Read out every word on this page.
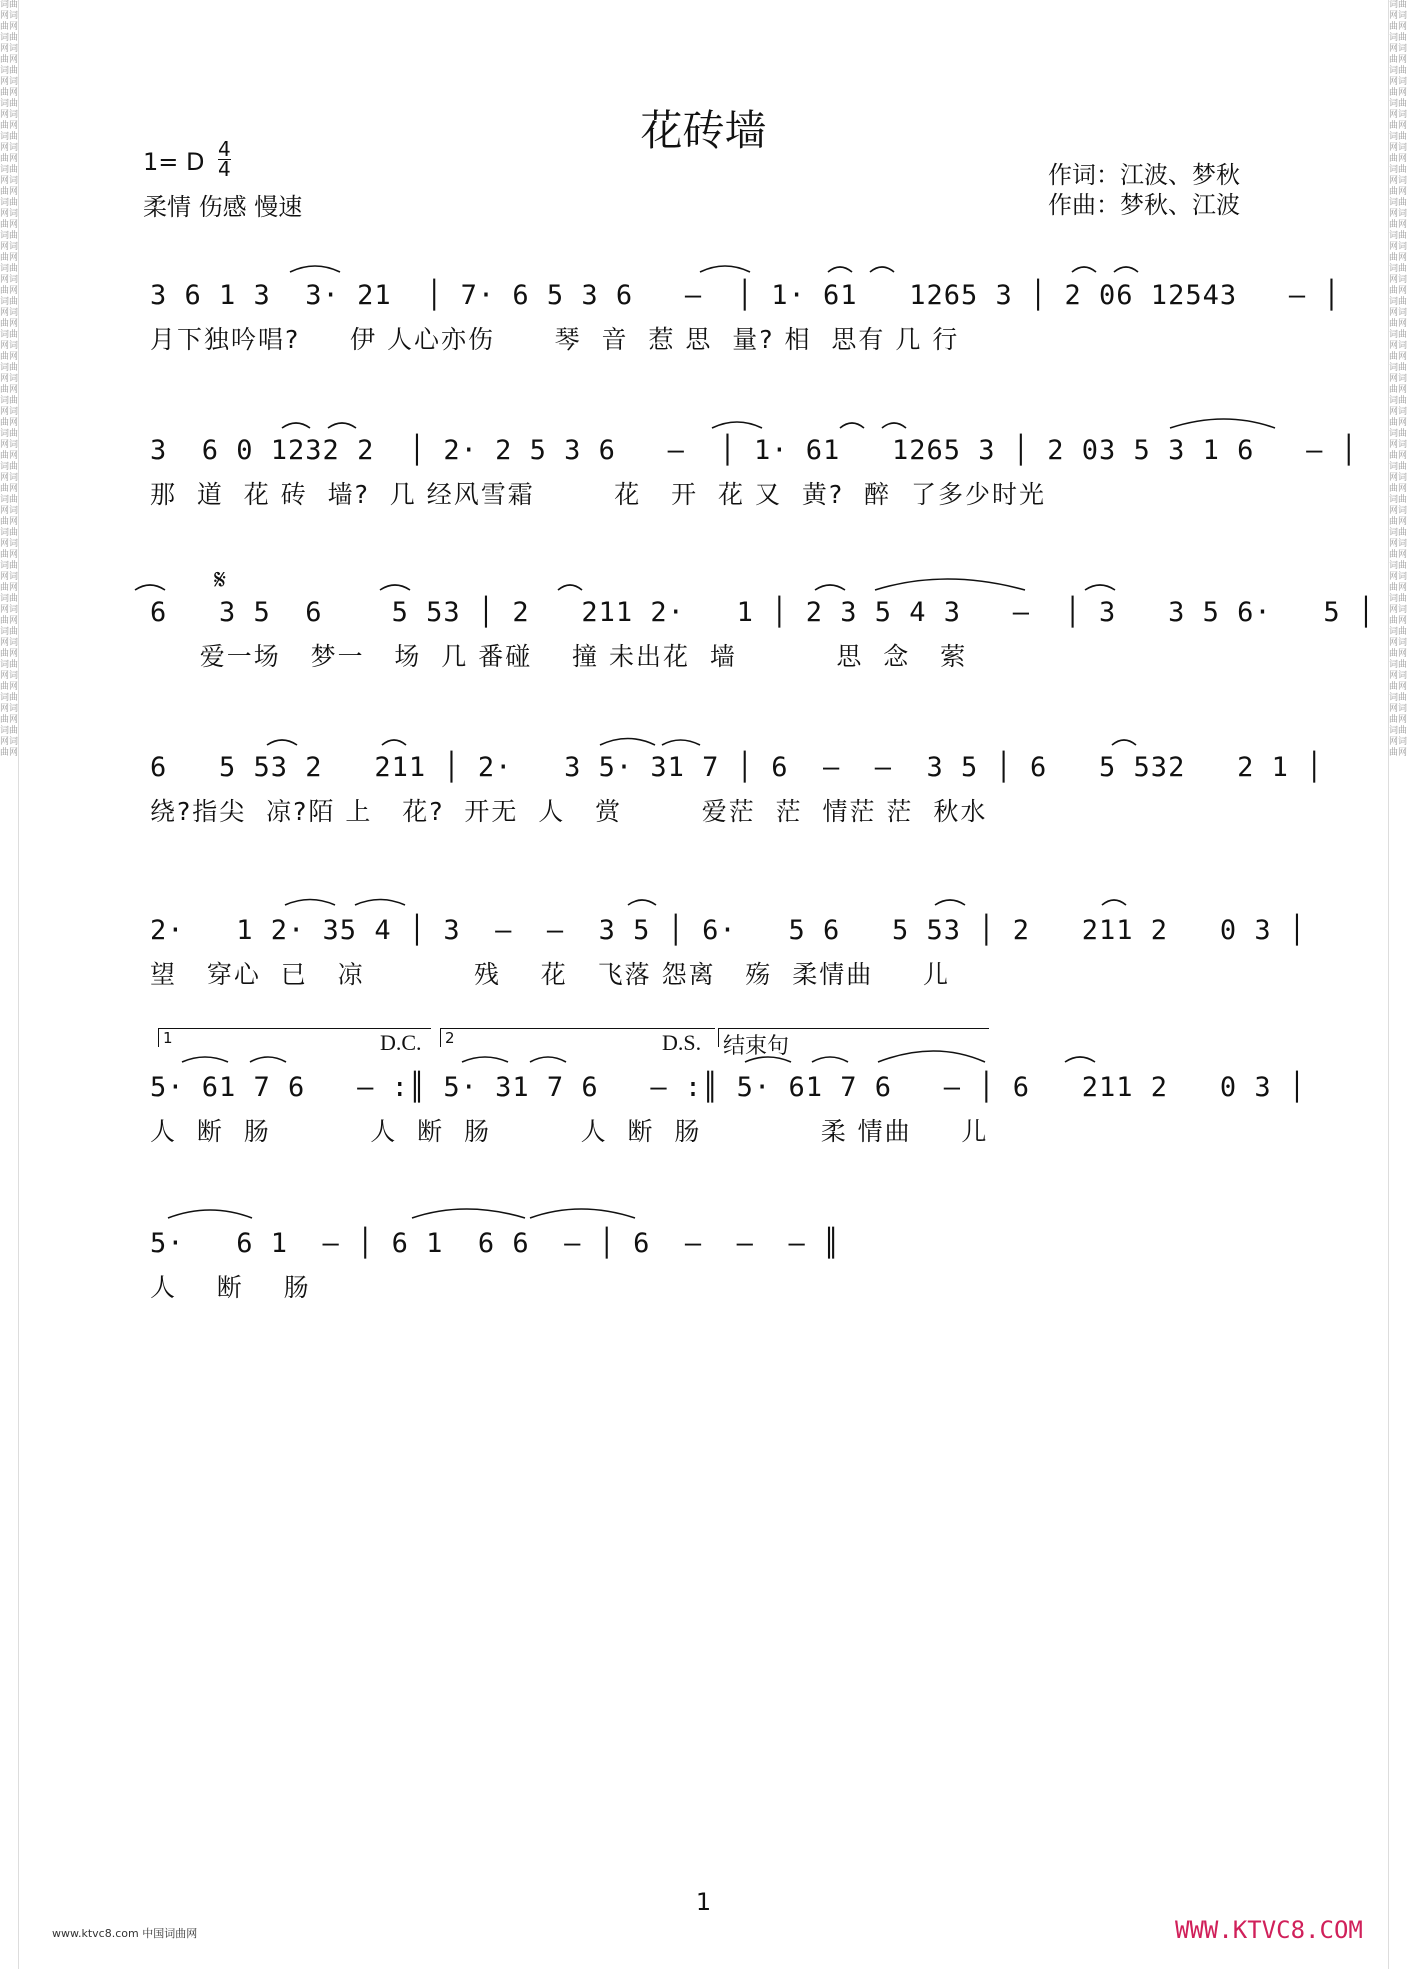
词曲网词曲网词曲网词曲网词曲网词曲网词曲网词曲网词曲网词曲网词曲网词曲网词曲网词曲网词曲网词曲网词曲网词曲网词曲网词曲网词曲网词曲网词曲网词曲网词曲网词曲网词曲网词曲网词曲网词曲网词曲网词曲网词曲网词曲网词曲网词曲网词曲网词曲网词曲网词曲网词曲网词曲网词曲网词曲网词曲网词曲网
词曲网词曲网词曲网词曲网词曲网词曲网词曲网词曲网词曲网词曲网词曲网词曲网词曲网词曲网词曲网词曲网词曲网词曲网词曲网词曲网词曲网词曲网词曲网词曲网词曲网词曲网词曲网词曲网词曲网词曲网词曲网词曲网词曲网词曲网词曲网词曲网词曲网词曲网词曲网词曲网词曲网词曲网词曲网词曲网词曲网词曲网
花砖墙
1= D 4
4
柔情 伤感 慢速
作词：江波、梦秋
作曲：梦秋、江波
3 6 1 3  3· 21  │ 7· 6 5 3 6   —  │ 1· 61   1265 3 │ 2 06 12543   — │
月下独吟唱?     伊 人心亦伤      琴  音  惹 思  量? 相  思有 几 行
3  6 0 1232 2  │ 2· 2 5 3 6   —  │ 1· 61   1265 3 │ 2 03 5 3 1 6   — │
那  道  花 砖  墙?  几 经风雪霜        花   开  花 又  黄?  醉  了多少时光
𝄋
6   3 5  6    5 53 │ 2   211 2·   1 │ 2 3 5 4 3   —  │ 3   3 5 6·   5 │
爱一场   梦一   场  几 番碰    撞 未出花  墙          思  念   萦
6   5 53 2   211 │ 2·   3 5· 31 7 │ 6  —  —  3 5 │ 6   5 532   2 1 │
绕?指尖  凉?陌 上   花?  开无  人   赏        爱茫  茫  情茫 茫  秋水
2·   1 2· 35 4 │ 3  —  —  3 5 │ 6·   5 6   5 53 │ 2   211 2   0 3 │
望   穿心  已   凉           残    花   飞落 怨离   殇  柔情曲     儿
1	D.C.	2	D.S. 结束句
5· 61 7 6   — :║ 5· 31 7 6   — :║ 5· 61 7 6   — │ 6   211 2   0 3 │
人  断  肠          人  断  肠         人  断  肠            柔 情曲     儿
5·   6 1  — │ 6 1  6 6  — │ 6  —  —  — ║
人    断    肠
1
www.ktvc8.com 中国词曲网	WWW.KTVC8.COM
